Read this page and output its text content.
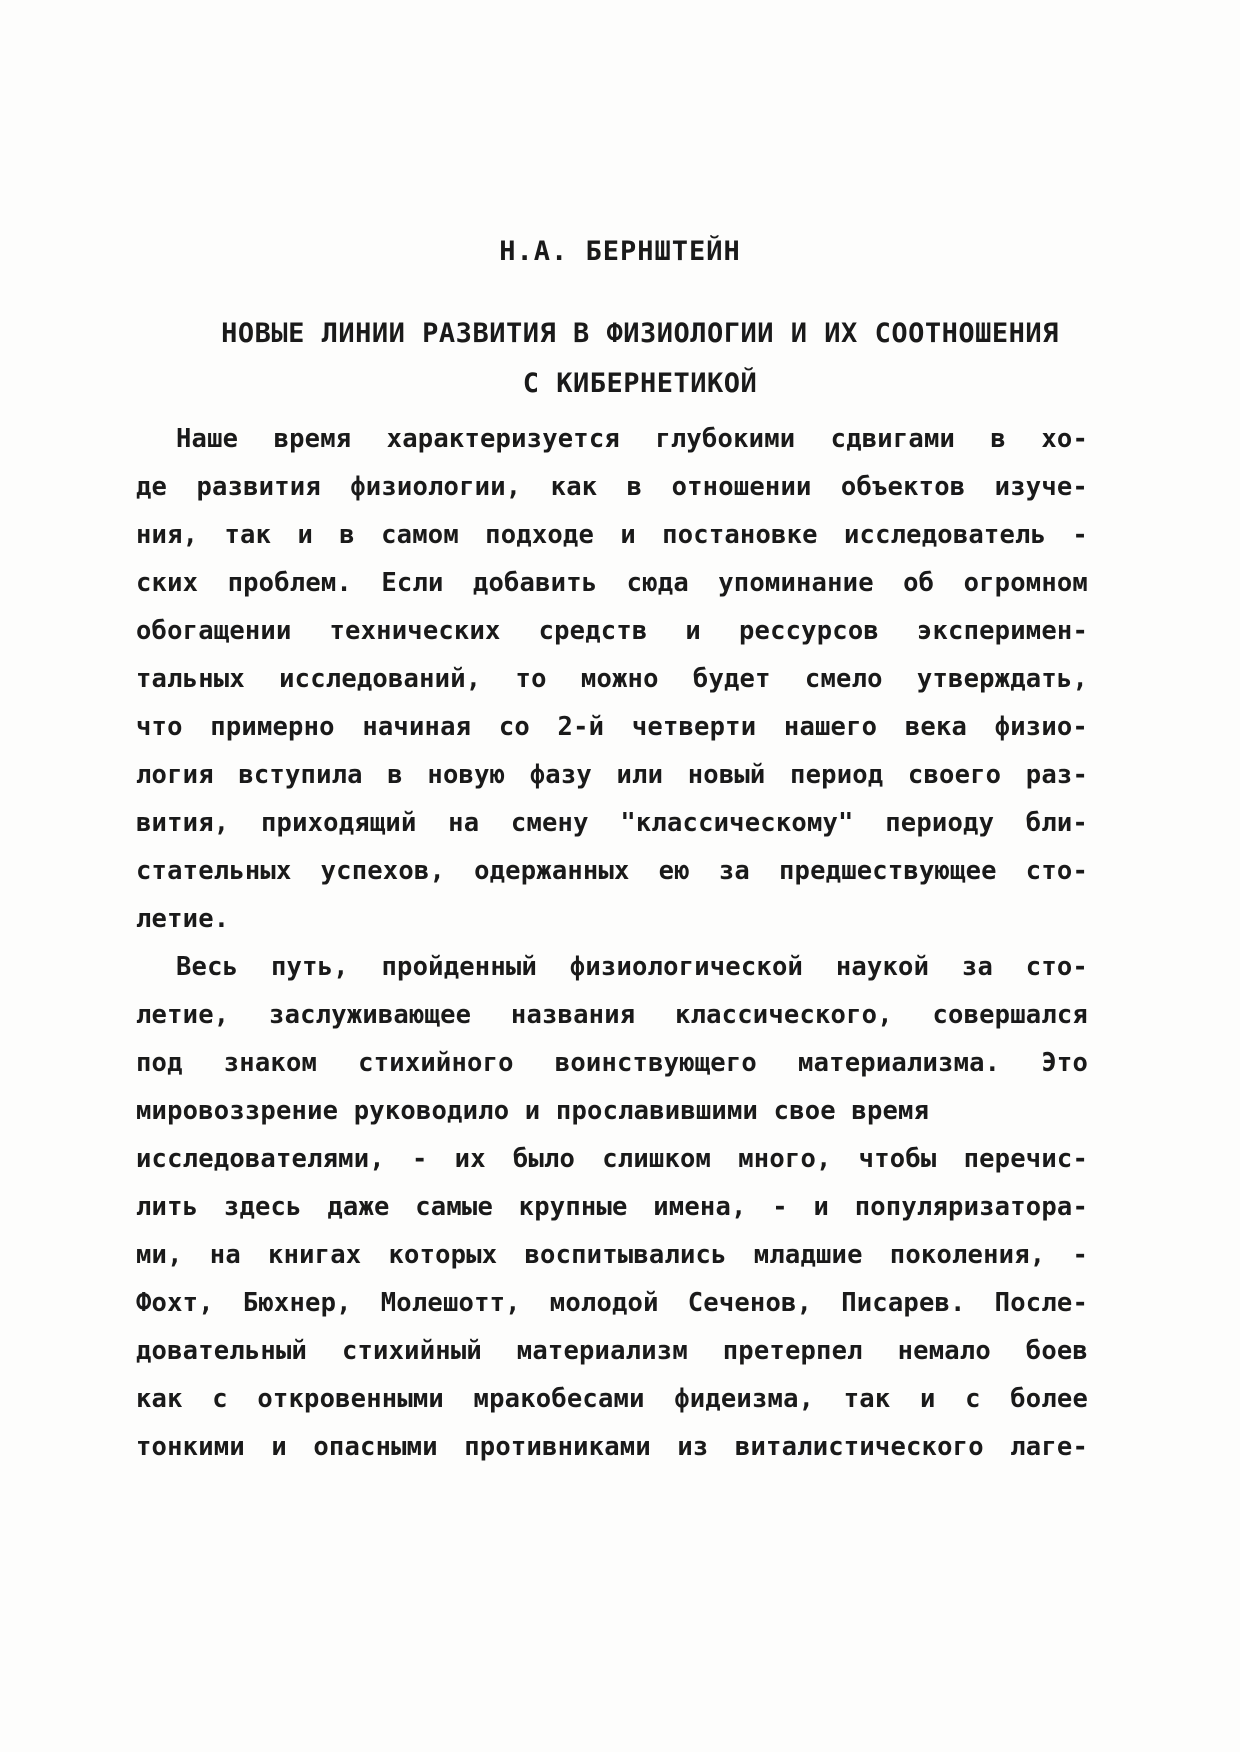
Н.А. БЕРНШТЕЙН
НОВЫЕ ЛИНИИ РАЗВИТИЯ В ФИЗИОЛОГИИ И ИХ СООТНОШЕНИЯ
С КИБЕРНЕТИКОЙ
Наше время характеризуется глубокими сдвигами в хо-
де развития физиологии, как в отношении объектов изуче-
ния, так и в самом подходе и постановке исследователь -
ских проблем. Если добавить сюда упоминание об огромном
обогащении технических средств и рессурсов эксперимен-
тальных исследований, то можно будет смело утверждать,
что примерно начиная со 2-й четверти нашего века физио-
логия вступила в новую фазу или новый период своего раз-
вития, приходящий на смену "классическому" периоду бли-
стательных успехов, одержанных ею за предшествующее сто-
летие.
Весь путь, пройденный физиологической наукой за сто-
летие, заслуживающее названия классического, совершался
под знаком стихийного воинствующего материализма. Это
мировоззрение руководило и прославившими свое время
исследователями, - их было слишком много, чтобы перечис-
лить здесь даже самые крупные имена, - и популяризатора-
ми, на книгах которых воспитывались младшие поколения, -
Фохт, Бюхнер, Молешотт, молодой Сеченов, Писарев. После-
довательный стихийный материализм претерпел немало боев
как с откровенными мракобесами фидеизма, так и с более
тонкими и опасными противниками из виталистического лаге-
